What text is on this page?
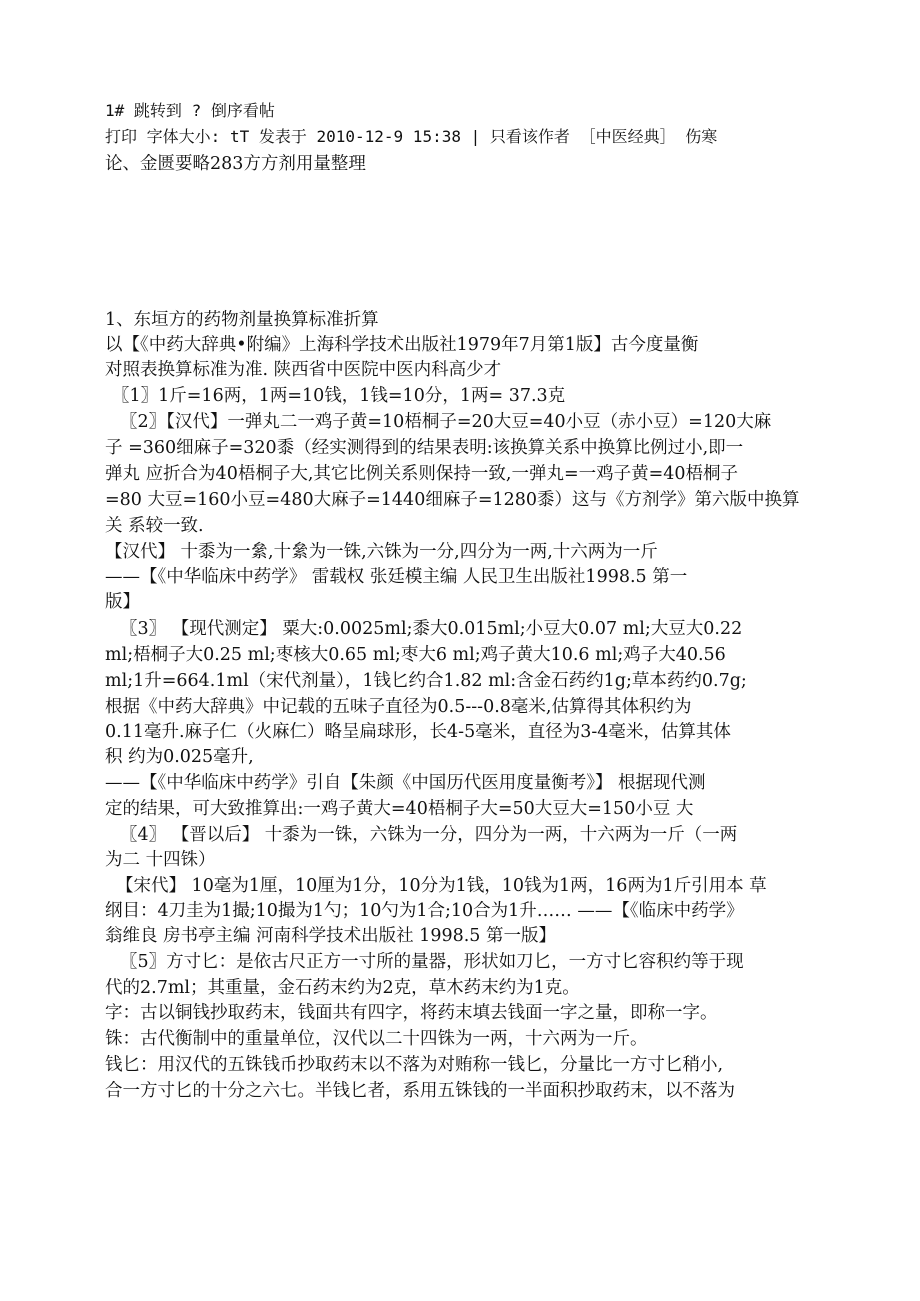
1# 跳转到 ? 倒序看帖
打印 字体大小: tT 发表于 2010-12-9 15:38 | 只看该作者 ［中医经典］ 伤寒
论、金匮要略283方方剂用量整理
1、东垣方的药物剂量换算标准折算
以【《中药大辞典•附编》上海科学技术出版社1979年7月第1版】古今度量衡
对照表换算标准为准. 陕西省中医院中医内科高少才
〖1〗1斤=16两，1两=10钱，1钱=10分，1两= 37.3克
〖2〗【汉代】一弹丸二一鸡子黄=10梧桐子=20大豆=40小豆（赤小豆）=120大麻
子 =360细麻子=320黍（经实测得到的结果表明:该换算关系中换算比例过小,即一
弹丸 应折合为40梧桐子大,其它比例关系则保持一致,一弹丸=一鸡子黄=40梧桐子
=80 大豆=160小豆=480大麻子=1440细麻子=1280黍）这与《方剂学》第六版中换算
关 系较一致.
【汉代】 十黍为一絫,十絫为一铢,六铢为一分,四分为一两,十六两为一斤
——【《中华临床中药学》 雷载权 张廷模主编 人民卫生出版社1998.5 第一
版】
〖3〗 【现代测定】 粟大:0.0025ml;黍大0.015ml;小豆大0.07 ml;大豆大0.22
ml;梧桐子大0.25 ml;枣核大0.65 ml;枣大6 ml;鸡子黄大10.6 ml;鸡子大40.56
ml;1升=664.1ml（宋代剂量），1钱匕约合1.82 ml:含金石药约1g;草本药约0.7g;
根据《中药大辞典》中记载的五味子直径为0.5---0.8毫米,估算得其体积约为
0.11毫升.麻子仁（火麻仁）略呈扁球形，长4-5毫米，直径为3-4毫米，估算其体
积 约为0.025毫升,
——【《中华临床中药学》引自【朱颜《中国历代医用度量衡考》】 根据现代测
定的结果，可大致推算出:一鸡子黄大=40梧桐子大=50大豆大=150小豆 大
〖4〗 【晋以后】 十黍为一铢，六铢为一分，四分为一两，十六两为一斤（一两
为二 十四铢）
【宋代】 10毫为1厘，10厘为1分，10分为1钱，10钱为1两，16两为1斤引用本 草
纲目：4刀圭为1撮;10撮为1勺；10勺为1合;10合为1升…… ——【《临床中药学》
翁维良 房书亭主编 河南科学技术出版社 1998.5 第一版】
〖5〗方寸匕：是依古尺正方一寸所的量器，形状如刀匕，一方寸匕容积约等于现
代的2.7ml；其重量，金石药末约为2克，草木药末约为1克。
字：古以铜钱抄取药末，钱面共有四字，将药末填去钱面一字之量，即称一字。
铢：古代衡制中的重量单位，汉代以二十四铢为一两，十六两为一斤。
钱匕：用汉代的五铢钱币抄取药末以不落为对贿称一钱匕，分量比一方寸匕稍小,
合一方寸匕的十分之六七。半钱匕者，系用五铢钱的一半面积抄取药末，以不落为
